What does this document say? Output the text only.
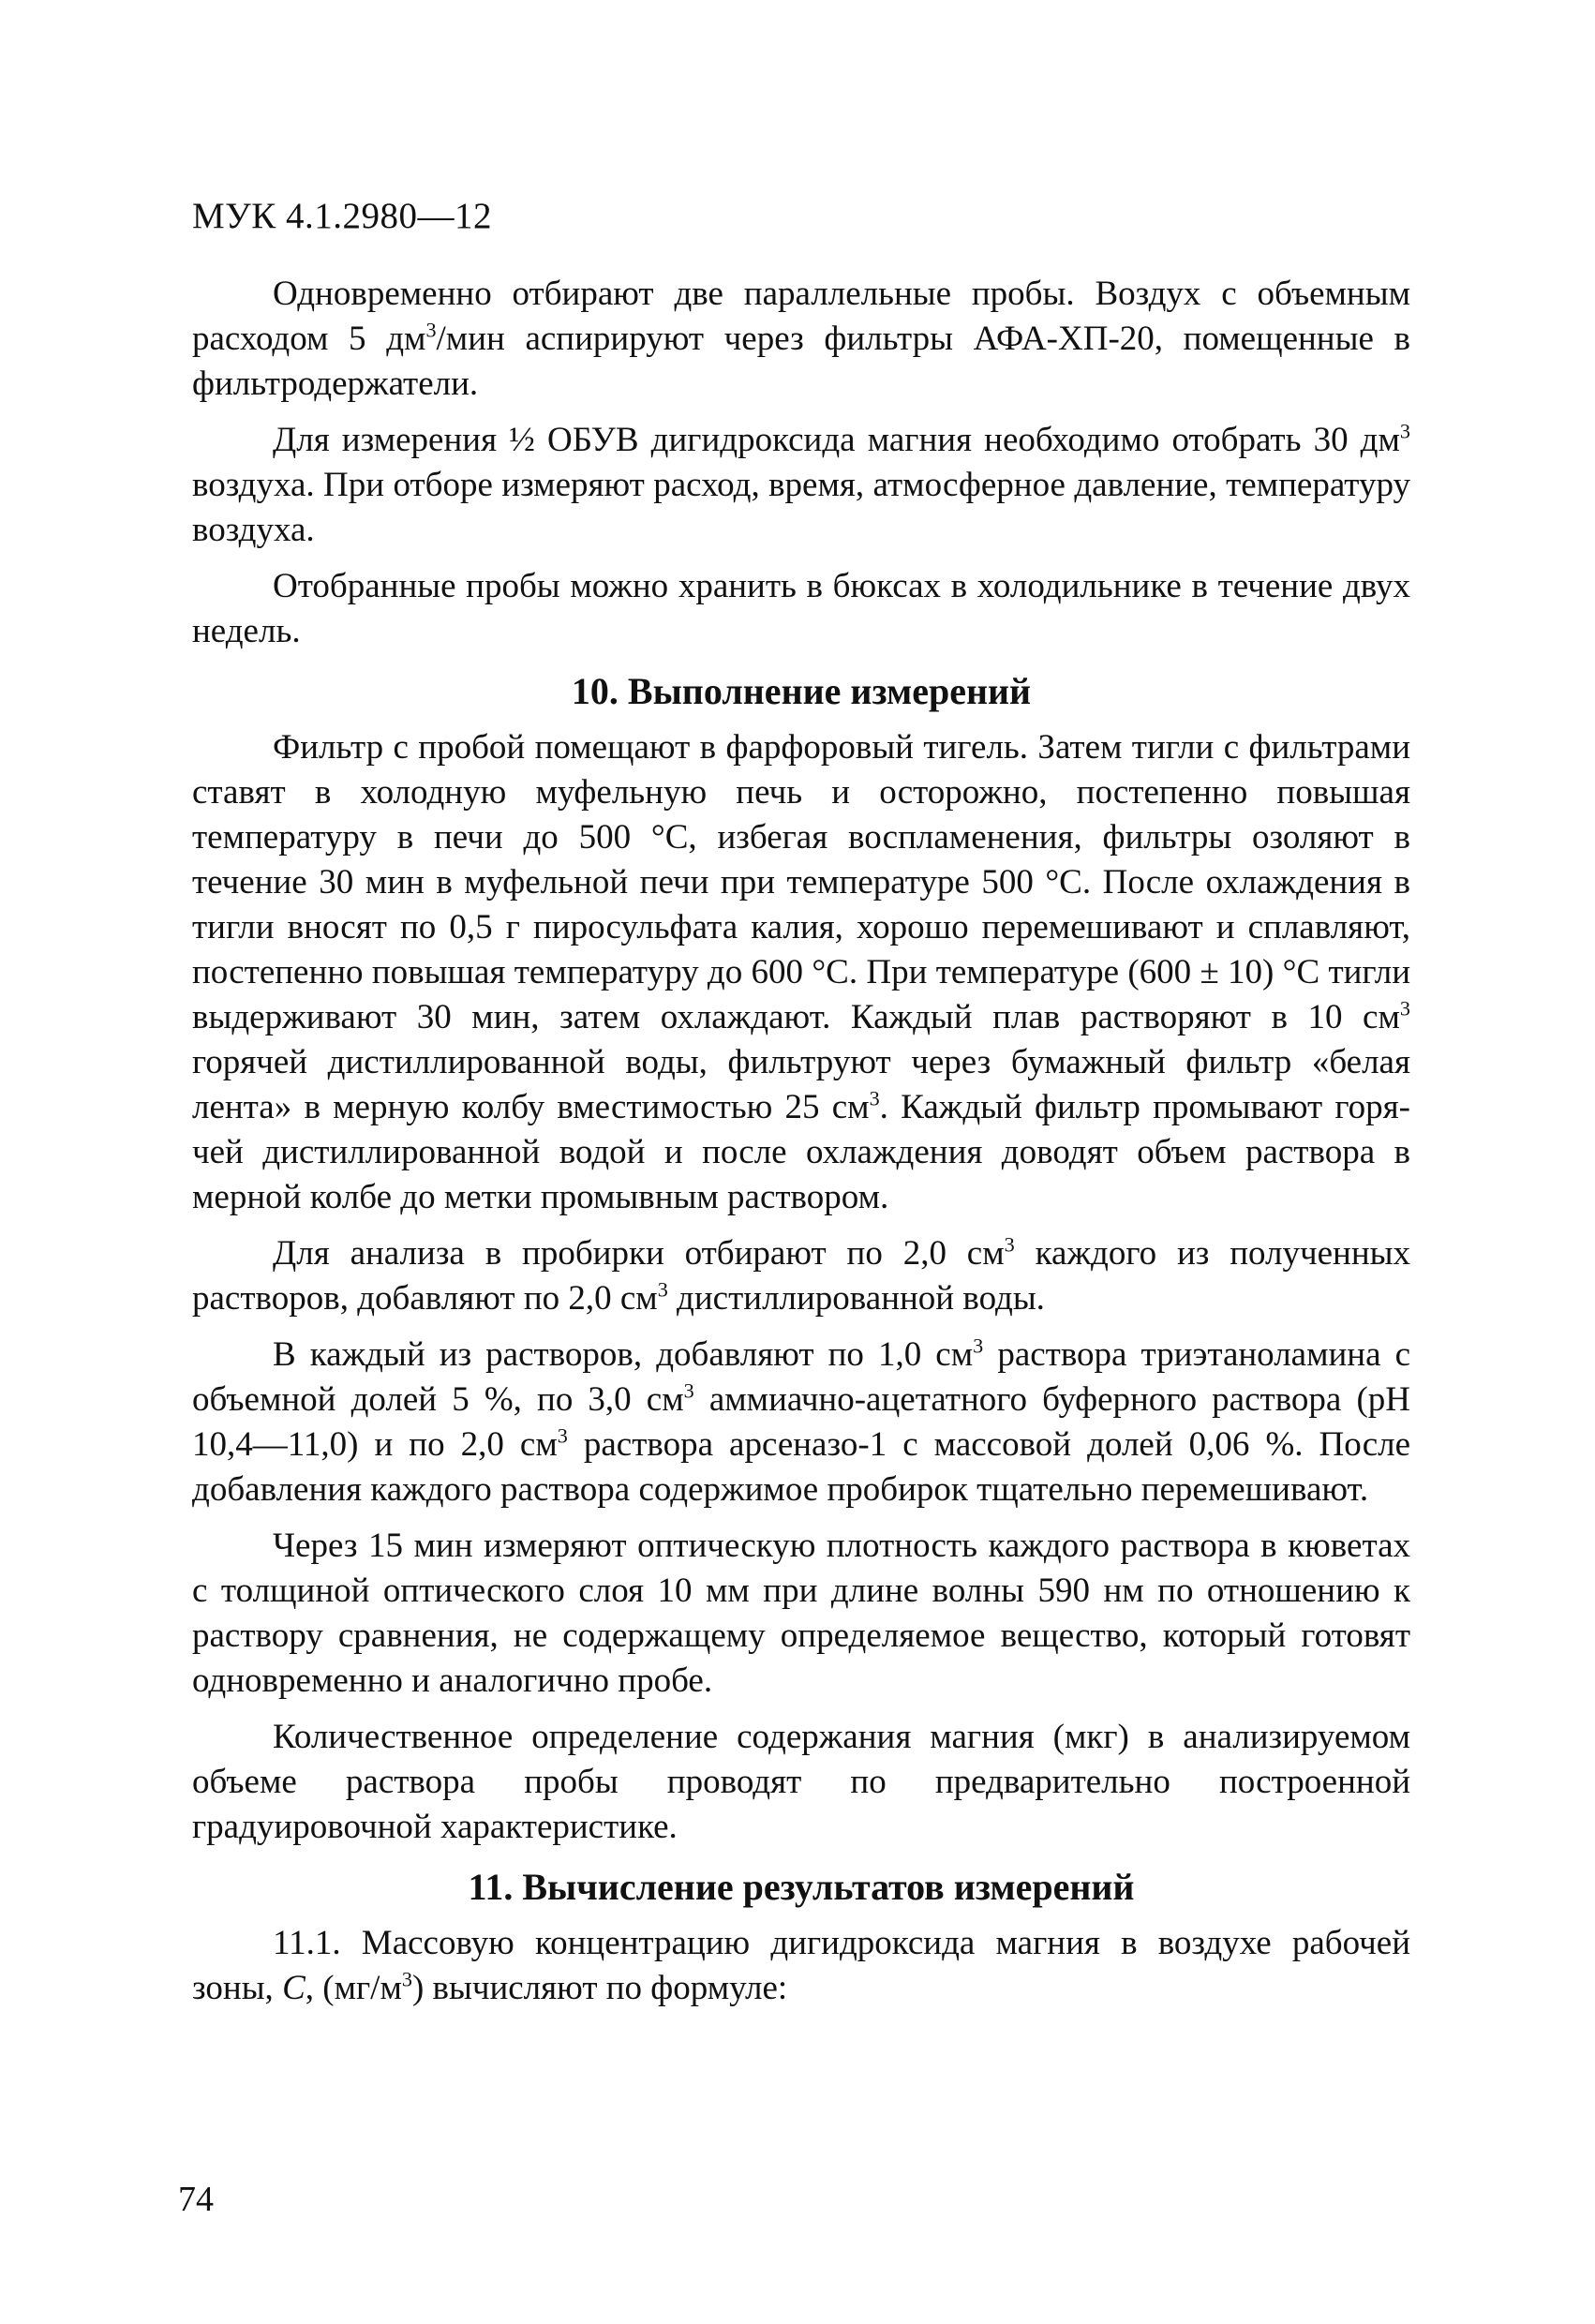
МУК 4.1.2980—12

Одновременно отбирают две параллельные пробы. Воздух с объемным расходом 5 $дм^3$/мин аспирируют через фильтры АФА-ХП-20, помещенные в фильтродержатели.

Для измерения ½ ОБУВ дигидроксида магния необходимо отобрать 30 $дм^3$ воздуха. При отборе измеряют расход, время, атмосферное давление, температуру воздуха.

Отобранные пробы можно хранить в бюксах в холодильнике в течение двух недель.

10. Выполнение измерений

Фильтр с пробой помещают в фарфоровый тигель. Затем тигли с фильтрами ставят в холодную муфельную печь и осторожно, постепенно повышая температуру в печи до 500 °С, избегая воспламенения, фильтры озоляют в течение 30 мин в муфельной печи при температуре 500 °С. После охлаждения в тигли вносят по 0,5 г пиросульфата калия, хорошо перемешивают и сплавляют, постепенно повышая температуру до 600 °С. При температуре (600 ± 10) °С тигли выдерживают 30 мин, затем охлаждают. Каждый плав растворяют в 10 $см^3$ горячей дистиллированной воды, фильтруют через бумажный фильтр «белая лента» в мерную колбу вместимостью 25 $см^3$. Каждый фильтр промывают горячей дистиллированной водой и после охлаждения доводят объем раствора в мерной колбе до метки промывным раствором.

Для анализа в пробирки отбирают по 2,0 $см^3$ каждого из полученных растворов, добавляют по 2,0 $см^3$ дистиллированной воды.

В каждый из растворов, добавляют по 1,0 $см^3$ раствора триэтаноламина с объемной долей 5 %, по 3,0 $см^3$ аммиачно-ацетатного буферного раствора (рН 10,4—11,0) и по 2,0 $см^3$ раствора арсеназо-1 с массовой долей 0,06 %. После добавления каждого раствора содержимое пробирок тщательно перемешивают.

Через 15 мин измеряют оптическую плотность каждого раствора в кюветах с толщиной оптического слоя 10 мм при длине волны 590 нм по отношению к раствору сравнения, не содержащему определяемое вещество, который готовят одновременно и аналогично пробе.

Количественное определение содержания магния (мкг) в анализируемом объеме раствора пробы проводят по предварительно построенной градуировочной характеристике.

11. Вычисление результатов измерений

11.1. Массовую концентрацию дигидроксида магния в воздухе рабочей зоны, С, $(мг/м^3)$ вычисляют по формуле:

74
